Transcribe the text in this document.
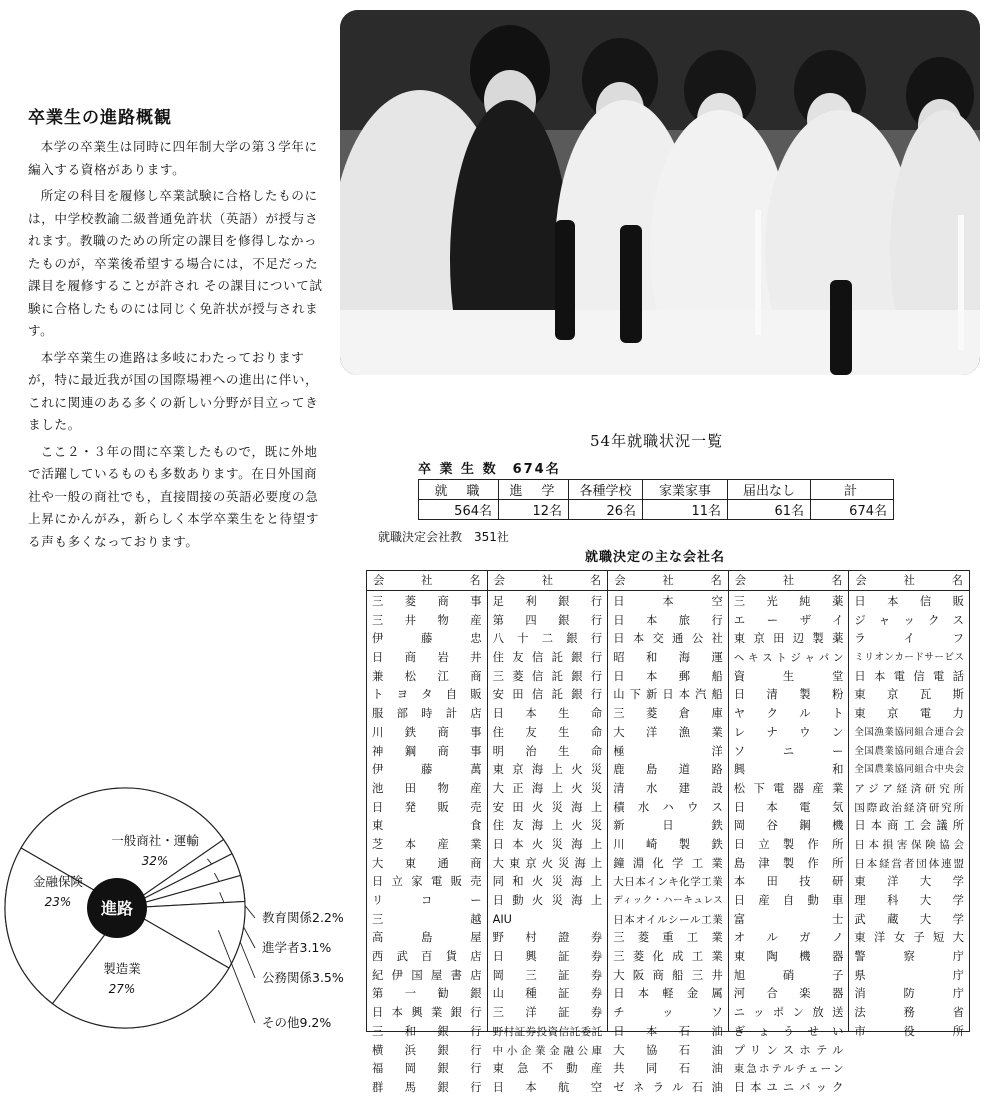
卒業生の進路概観

本学の卒業生は同時に四年制大学の第３学年に編入する資格があります。

所定の科目を履修し卒業試験に合格したものには，中学校教諭二級普通免許状（英語）が授与されます。教職のための所定の課目を修得しなかったものが，卒業後希望する場合には，不足だった課目を履修することが許され その課目について試験に合格したものには同じく免許状が授与されます。

本学卒業生の進路は多岐にわたっておりますが，特に最近我が国の国際場裡への進出に伴い，これに関連のある多くの新しい分野が目立ってきました。

ここ２・３年の間に卒業したもので，既に外地で活躍しているものも多数あります。在日外国商社や一般の商社でも，直接間接の英語必要度の急上昇にかんがみ，新らしく本学卒業生をと待望する声も多くなっております。

54年就職状況一覧
卒 業 生 数　674名
就　職	進　学	各種学校	家業家事	届出なし	計
564名	12名	26名	11名	61名	674名
就職決定会社教　351社
就職決定の主な会社名
会社名
三菱商事
三井物産
伊藤忠
日商岩井
兼松江商
トヨタ自販
服部時計店
川鉄商事
神鋼商事
伊藤萬
池田物産
日発販売
東食
芝本産業
大東通商
日立家電販売
リコー
三越
高島屋
西武百貨店
紀伊国屋書店
第一勧銀
日本興業銀行
三和銀行
横浜銀行
福岡銀行
群馬銀行
会社名
足利銀行
第四銀行
八十二銀行
住友信託銀行
三菱信託銀行
安田信託銀行
日本生命
住友生命
明治生命
東京海上火災
大正海上火災
安田火災海上
住友海上火災
日本火災海上
大東京火災海上
同和火災海上
日動火災海上
AIU
野村證券
日興証券
岡三証券
山種証券
三洋証券
野村証券投資信託委託
中小企業金融公庫
東急不動産
日本航空
会社名
日本空
日本旅行
日本交通公社
昭和海運
日本郵船
山下新日本汽船
三菱倉庫
大洋漁業
極洋
鹿島道路
清水建設
積水ハウス
新日鉄
川崎製鉄
鐘淵化学工業
大日本インキ化学工業
ディック・ハーキュレス
日本オイルシール工業
三菱重工業
三菱化成工業
大阪商船三井
日本軽金属
チッソ
日本石油
大協石油
共同石油
ゼネラル石油
会社名
三光純薬
エーザイ
東京田辺製薬
ヘキストジャパン
資生堂
日清製粉
ヤクルト
レナウン
ソニー
興和
松下電器産業
日本電気
岡谷鋼機
日立製作所
島津製作所
本田技研
日産自動車
富士
オルガノ
東陶機器
旭硝子
河合楽器
ニッポン放送
ぎょうせい
プリンスホテル
東急ホテルチェーン
日本ユニバック
会社名
日本信販
ジャックス
ライフ
ミリオンカードサービス
日本電信電話
東京瓦斯
東京電力
全国漁業協同組合連合会
全国農業協同組合連合会
全国農業協同組合中央会
アジア経済研究所
国際政治経済研究所
日本商工会議所
日本損害保険協会
日本経営者団体連盟
東洋大学
理科大学
武蔵大学
東洋女子短大
警察庁
県庁
消防庁
法務省
市役所
一般商社・運輸
32%
教育関係2.2%
進学者3.1%
公務関係3.5%
その他9.2%
製造業
27%
金融保険
23% 進路
